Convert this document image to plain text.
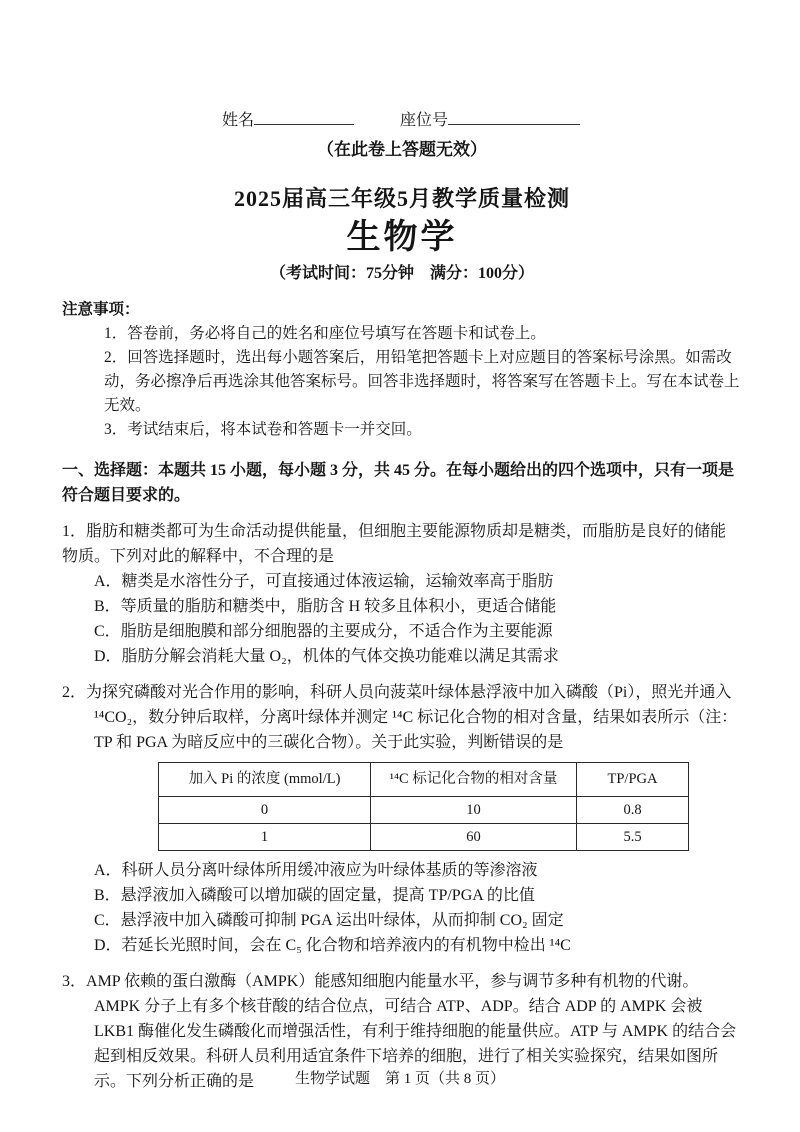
姓名	座位号
（在此卷上答题无效）
2025届高三年级5月教学质量检测
生物学
（考试时间：75分钟　满分：100分）
注意事项：
1．答卷前，务必将自己的姓名和座位号填写在答题卡和试卷上。
2．回答选择题时，选出每小题答案后，用铅笔把答题卡上对应题目的答案标号涂黑。如需改动，务必擦净后再选涂其他答案标号。回答非选择题时，将答案写在答题卡上。写在本试卷上无效。
3．考试结束后，将本试卷和答题卡一并交回。
一、选择题：本题共 15 小题，每小题 3 分，共 45 分。在每小题给出的四个选项中，只有一项是符合题目要求的。
1．脂肪和糖类都可为生命活动提供能量，但细胞主要能源物质却是糖类，而脂肪是良好的储能物质。下列对此的解释中，不合理的是
A．糖类是水溶性分子，可直接通过体液运输，运输效率高于脂肪
B．等质量的脂肪和糖类中，脂肪含 H 较多且体积小，更适合储能
C．脂肪是细胞膜和部分细胞器的主要成分，不适合作为主要能源
D．脂肪分解会消耗大量 O₂，机体的气体交换功能难以满足其需求
2．为探究磷酸对光合作用的影响，科研人员向菠菜叶绿体悬浮液中加入磷酸（Pi），照光并通入 ¹⁴CO₂，数分钟后取样，分离叶绿体并测定 ¹⁴C 标记化合物的相对含量，结果如表所示（注：TP 和 PGA 为暗反应中的三碳化合物）。关于此实验，判断错误的是
加入 Pi 的浓度 (mmol/L)	¹⁴C 标记化合物的相对含量	TP/PGA
0	10	0.8
1	60	5.5
A．科研人员分离叶绿体所用缓冲液应为叶绿体基质的等渗溶液
B．悬浮液加入磷酸可以增加碳的固定量，提高 TP/PGA 的比值
C．悬浮液中加入磷酸可抑制 PGA 运出叶绿体，从而抑制 CO₂ 固定
D．若延长光照时间，会在 C₅ 化合物和培养液内的有机物中检出 ¹⁴C
3．AMP 依赖的蛋白激酶（AMPK）能感知细胞内能量水平，参与调节多种有机物的代谢。AMPK 分子上有多个核苷酸的结合位点，可结合 ATP、ADP。结合 ADP 的 AMPK 会被 LKB1 酶催化发生磷酸化而增强活性，有利于维持细胞的能量供应。ATP 与 AMPK 的结合会起到相反效果。科研人员利用适宜条件下培养的细胞，进行了相关实验探究，结果如图所示。下列分析正确的是	生物学试题　第 1 页（共 8 页）
